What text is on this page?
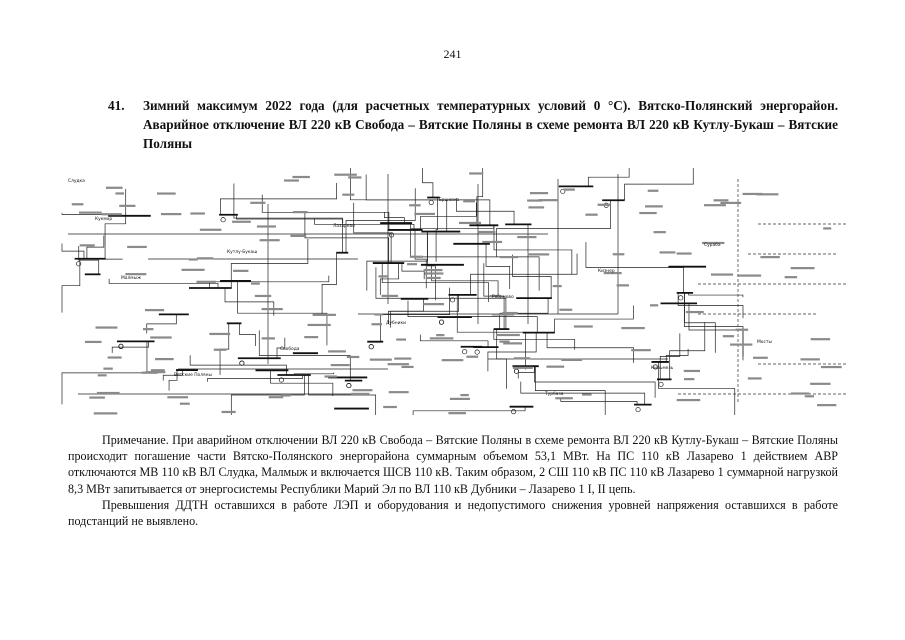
241
41. Зимний максимум 2022 года (для расчетных температурных условий 0 °С). Вятско-Полянский энергорайон. Аварийное отключение ВЛ 220 кВ Свобода – Вятские Поляны в схеме ремонта ВЛ 220 кВ Кутлу-Букаш – Вятские Поляны
Слудка
Малмыж
Вятские Поляны
Кутлу-Букаш
Свобода
Лазарево
Дубники
Ершовка
Рябиново
Турбаза
Кизнер
Кильмезь
Сураба
Мосты
Кукмор

Примечание. При аварийном отключении ВЛ 220 кВ Свобода – Вятские Поляны в схеме ремонта ВЛ 220 кВ Кутлу-Букаш – Вятские Поляны происходит погашение части Вятско-Полянского энергорайона суммарным объемом 53,1 МВт. На ПС 110 кВ Лазарево 1 действием АВР отключаются МВ 110 кВ ВЛ Слудка, Малмыж и включается ШСВ 110 кВ. Таким образом, 2 СШ 110 кВ ПС 110 кВ Лазарево 1 суммарной нагрузкой 8,3 МВт запитывается от энергосистемы Республики Марий Эл по ВЛ 110 кВ Дубники – Лазарево 1 I, II цепь.

Превышения ДДТН оставшихся в работе ЛЭП и оборудования и недопустимого снижения уровней напряжения оставшихся в работе подстанций не выявлено.
